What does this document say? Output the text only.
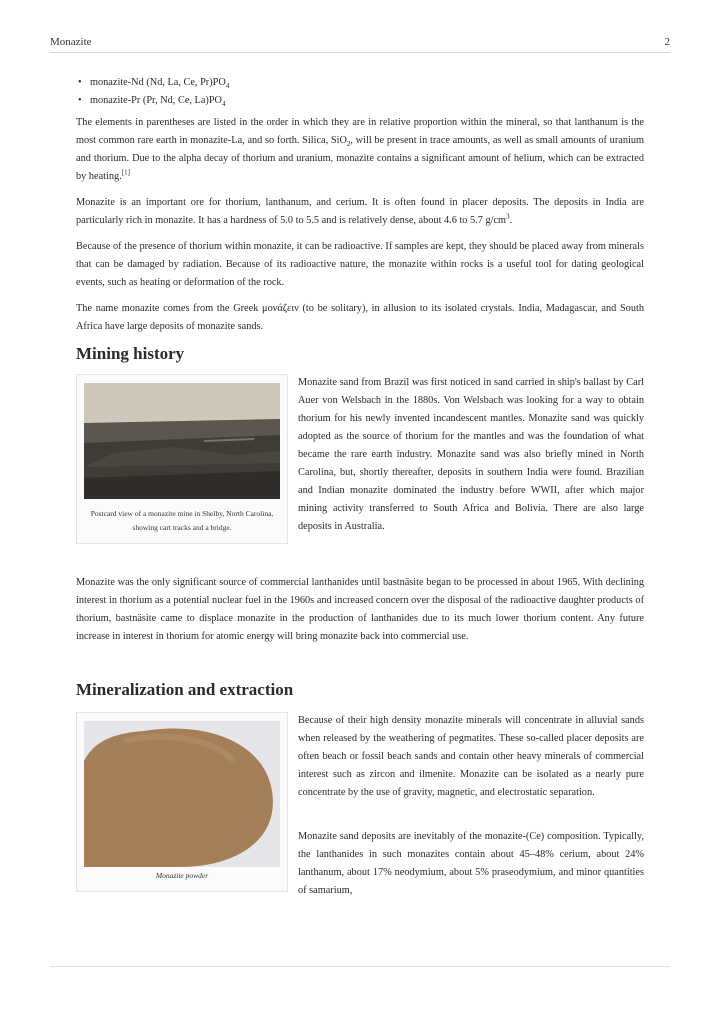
Monazite	2
• monazite-Nd (Nd, La, Ce, $Pr)PO_4$
• monazite-Pr (Pr, Nd, Ce, $La)PO_4$

The elements in parentheses are listed in the order in which they are in relative proportion within the mineral, so that lanthanum is the most common rare earth in monazite-La, and so forth. Silica, SiO$_2$, will be present in trace amounts, as well as small amounts of uranium and thorium. Due to the alpha decay of thorium and uranium, monazite contains a significant amount of helium, which can be extracted by heating.[1]

Monazite is an important ore for thorium, lanthanum, and cerium. It is often found in placer deposits. The deposits in India are particularly rich in monazite. It has a hardness of 5.0 to 5.5 and is relatively dense, about 4.6 to 5.7 $g/cm^3$.

Because of the presence of thorium within monazite, it can be radioactive. If samples are kept, they should be placed away from minerals that can be damaged by radiation. Because of its radioactive nature, the monazite within rocks is a useful tool for dating geological events, such as heating or deformation of the rock.

The name monazite comes from the Greek μονάζειν (to be solitary), in allusion to its isolated crystals. India, Madagascar, and South Africa have large deposits of monazite sands.

Mining history
Postcard view of a monazite mine in Shelby, North Carolina, showing cart tracks and a bridge.
Monazite sand from Brazil was first noticed in sand carried in ship's ballast by Carl Auer von Welsbach in the 1880s. Von Welsbach was looking for a way to obtain thorium for his newly invented incandescent mantles. Monazite sand was quickly adopted as the source of thorium for the mantles and was the foundation of what became the rare earth industry. Monazite sand was also briefly mined in North Carolina, but, shortly thereafter, deposits in southern India were found. Brazilian and Indian monazite dominated the industry before WWII, after which major mining activity transferred to South Africa and Bolivia. There are also large deposits in Australia.
Monazite was the only significant source of commercial lanthanides until bastnäsite began to be processed in about 1965. With declining interest in thorium as a potential nuclear fuel in the 1960s and increased concern over the disposal of the radioactive daughter products of thorium, bastnäsite came to displace monazite in the production of lanthanides due to its much lower thorium content. Any future increase in interest in thorium for atomic energy will bring monazite back into commercial use.
Mineralization and extraction
Monazite powder
Because of their high density monazite minerals will concentrate in alluvial sands when released by the weathering of pegmatites. These so-called placer deposits are often beach or fossil beach sands and contain other heavy minerals of commercial interest such as zircon and ilmenite. Monazite can be isolated as a nearly pure concentrate by the use of gravity, magnetic, and electrostatic separation.
Monazite sand deposits are inevitably of the monazite-(Ce) composition. Typically, the lanthanides in such monazites contain about 45–48% cerium, about 24% lanthanum, about 17% neodymium, about 5% praseodymium, and minor quantities of samarium,
